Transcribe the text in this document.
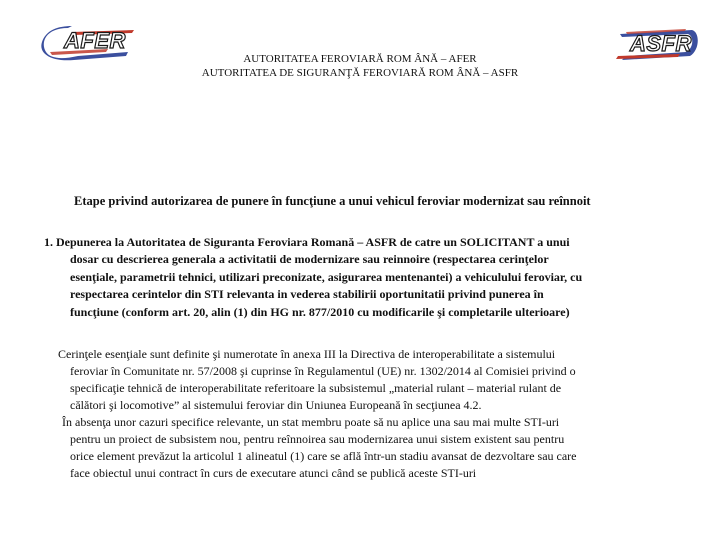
AFER	ASFR
AUTORITATEA FEROVIARĂ ROM ÂNĂ – AFER
AUTORITATEA DE SIGURANŢĂ FEROVIARĂ ROM ÂNĂ – ASFR
Etape privind autorizarea de punere în funcţiune a unui vehicul feroviar modernizat sau reînnoit
1. Depunerea la Autoritatea de Siguranta Feroviara Romană – ASFR de catre un SOLICITANT a unui
dosar cu descrierea generala a activitatii de modernizare sau reinnoire (respectarea cerinţelor
esenţiale, parametrii tehnici, utilizari preconizate, asigurarea mentenantei) a vehiculului feroviar, cu
respectarea cerintelor din STI relevanta in vederea stabilirii oportunitatii privind punerea în
funcţiune (conform art. 20, alin (1) din HG nr. 877/2010 cu modificarile şi completarile ulterioare)
Cerinţele esenţiale sunt definite şi numerotate în anexa III la Directiva de interoperabilitate a sistemului
feroviar în Comunitate nr. 57/2008 şi cuprinse în Regulamentul (UE) nr. 1302/2014 al Comisiei privind o
specificaţie tehnică de interoperabilitate referitoare la subsistemul „material rulant – material rulant de
călători şi locomotive” al sistemului feroviar din Uniunea Europeană în secţiunea 4.2.
În absenţa unor cazuri specifice relevante, un stat membru poate să nu aplice una sau mai multe STI-uri
pentru un proiect de subsistem nou, pentru reînnoirea sau modernizarea unui sistem existent sau pentru
orice element prevăzut la articolul 1 alineatul (1) care se află într-un stadiu avansat de dezvoltare sau care
face obiectul unui contract în curs de executare atunci când se publică aceste STI-uri
